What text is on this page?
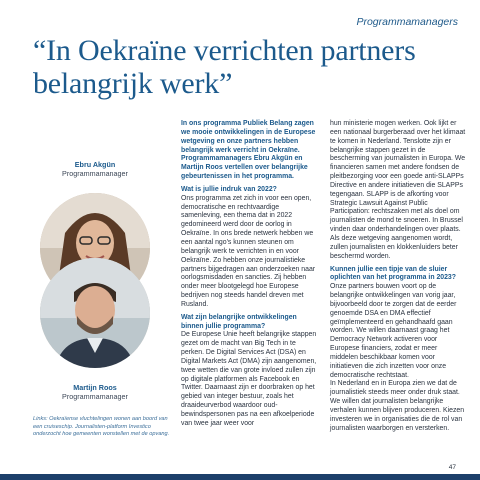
Programmamanagers
“In Oekraïne verrichten partners belangrijk werk”
Ebru Akgün
Programmamanager
Martijn Roos
Programmamanager
Links: Oekraïense vluchtelingen wonen aan boord van een cruiseschip. Journalisten-platform Investico onderzocht hoe gemeenten wonstellen met de opvang.

In ons programma Publiek Belang zagen we mooie ontwikkelingen in de Europese wetgeving en onze partners hebben belangrijk werk verricht in Oekraïne. Programmamanagers Ebru Akgün en Martijn Roos vertellen over belangrijke gebeurtenissen in het programma.

Wat is jullie indruk van 2022?

Ons programma zet zich in voor een open, democratische en rechtvaardige samenleving, een thema dat in 2022 gedomineerd werd door de oorlog in Oekraïne. In ons brede netwerk hebben we een aantal ngo's kunnen steunen om belangrijk werk te verrichten in en voor Oekraïne. Zo hebben onze journalistieke partners bijgedragen aan onderzoeken naar oorlogsmisdaden en sancties. Zij hebben onder meer blootgelegd hoe Europese bedrijven nog steeds handel dreven met Rusland.

Wat zijn belangrijke ontwikkelingen binnen jullie programma?

De Europese Unie heeft belangrijke stappen gezet om de macht van Big Tech in te perken. De Digital Services Act (DSA) en Digital Markets Act (DMA) zijn aangenomen, twee wetten die van grote invloed zullen zijn op digitale platformen als Facebook en Twitter. Daarnaast zijn er doorbraken op het gebied van integer bestuur, zoals het draaideurverbod waardoor oud-bewindspersonen pas na een afkoelperiode van twee jaar weer voor

hun ministerie mogen werken. Ook lijkt er een nationaal burgerberaad over het klimaat te komen in Nederland. Tenslotte zijn er belangrijke stappen gezet in de bescherming van journalisten in Europa. We financieren samen met andere fondsen de pleitbezorging voor een goede anti-SLAPPs Directive en andere initiatieven die SLAPPs tegengaan. SLAPP is de afkorting voor Strategic Lawsuit Against Public Participation: rechtszaken met als doel om journalisten de mond te snoeren. In Brussel vinden daar onderhandelingen over plaats. Als deze wetgeving aangenomen wordt, zullen journalisten en klokkenluiders beter beschermd worden.

Kunnen jullie een tipje van de sluier oplichten van het programma in 2023?

Onze partners bouwen voort op de belangrijke ontwikkelingen van vorig jaar, bijvoorbeeld door te zorgen dat de eerder genoemde DSA en DMA effectief geïmplementeerd en gehandhaafd gaan worden. We willen daarnaast graag het Democracy Network activeren voor Europese financiers, zodat er meer middelen beschikbaar komen voor initiatieven die zich inzetten voor onze democratische rechtstaat.

In Nederland en in Europa zien we dat de journalistiek steeds meer onder druk staat. We willen dat journalisten belangrijke verhalen kunnen blijven produceren. Kiezen investeren we in organisaties die de rol van journalisten waarborgen en versterken.

47
